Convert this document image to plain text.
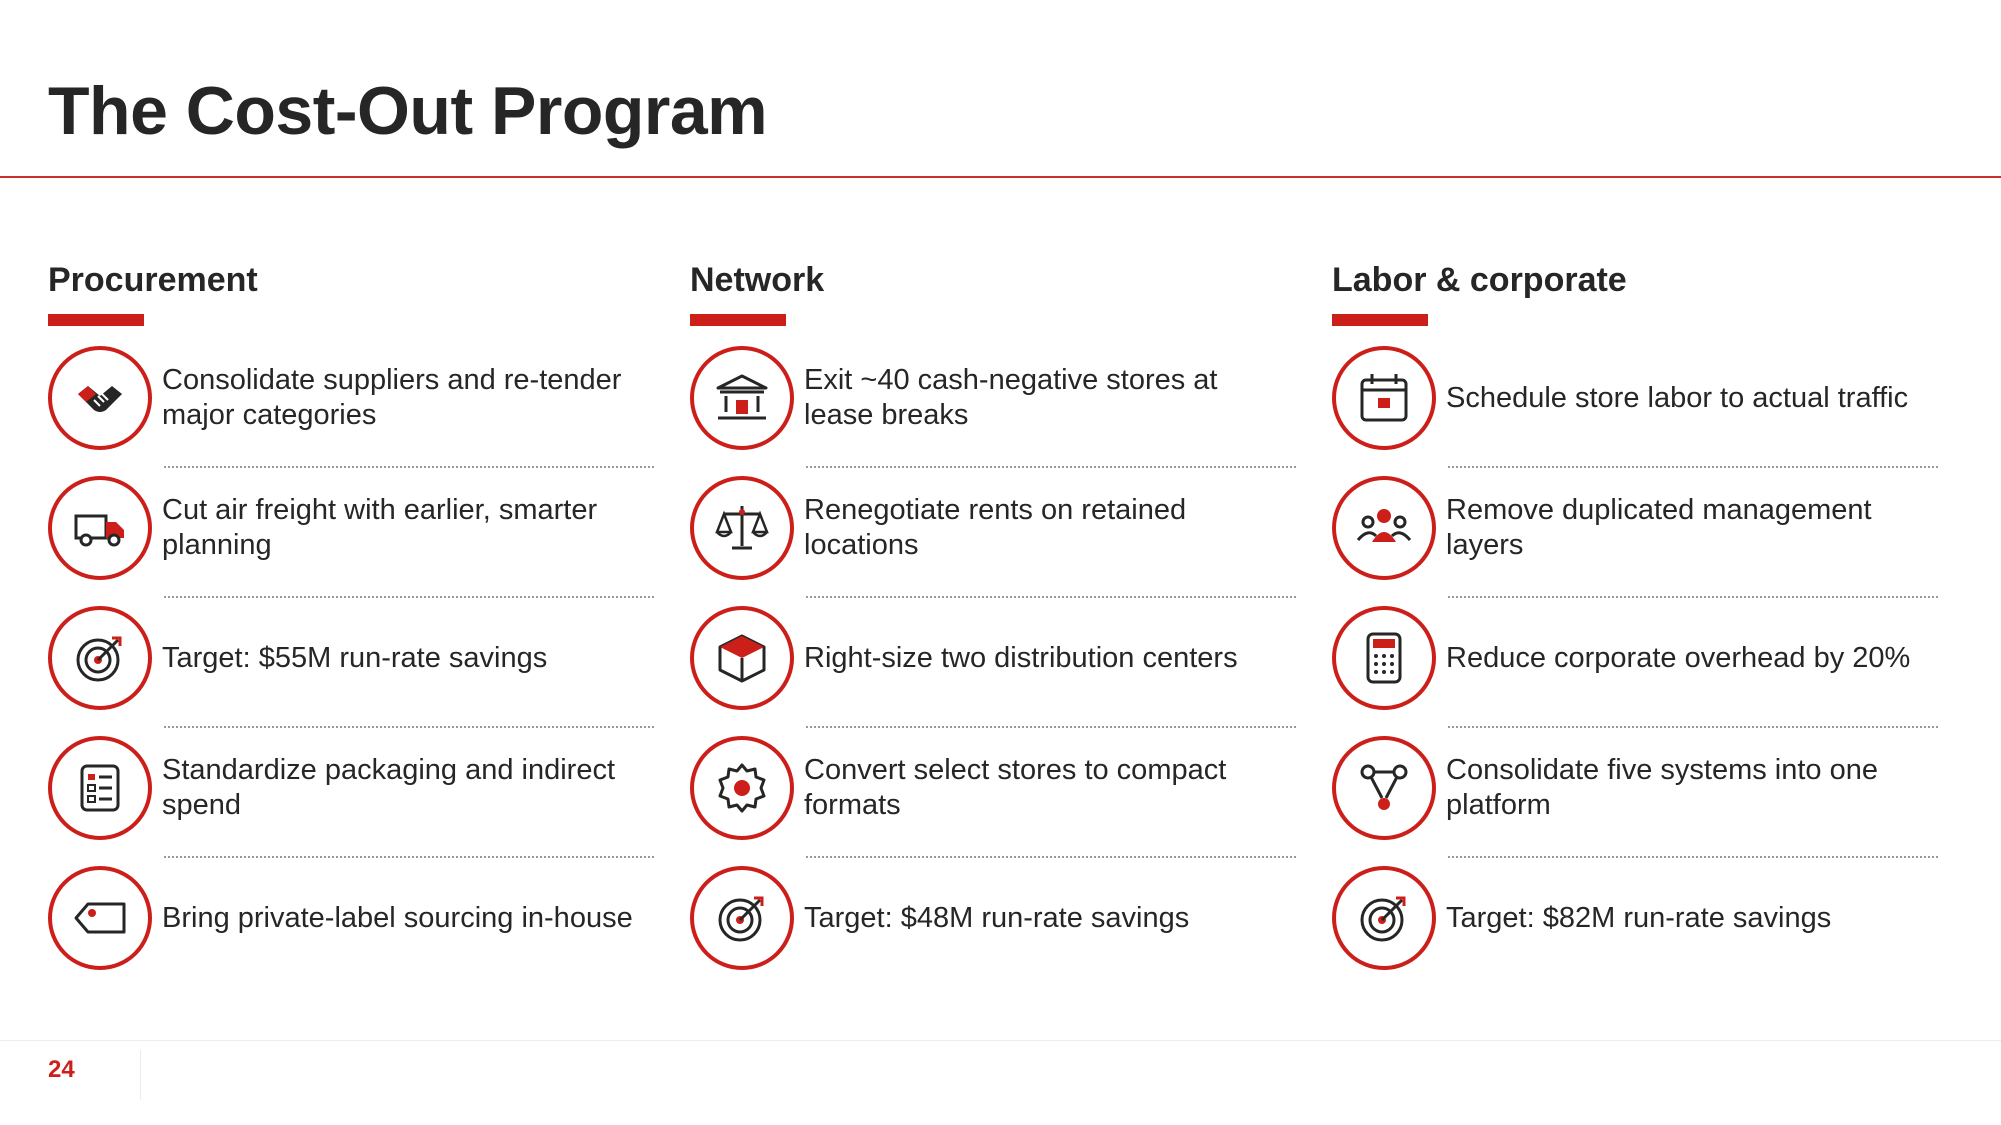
The Cost-Out Program
Procurement
Consolidate suppliers and re-tender major categories
Cut air freight with earlier, smarter planning
Target: $55M run-rate savings
Standardize packaging and indirect spend
Bring private-label sourcing in-house
Network
Exit ~40 cash-negative stores at lease breaks
Renegotiate rents on retained locations
Right-size two distribution centers
Convert select stores to compact formats
Target: $48M run-rate savings
Labor & corporate
Schedule store labor to actual traffic
Remove duplicated management layers
Reduce corporate overhead by 20%
Consolidate five systems into one platform
Target: $82M run-rate savings
24
